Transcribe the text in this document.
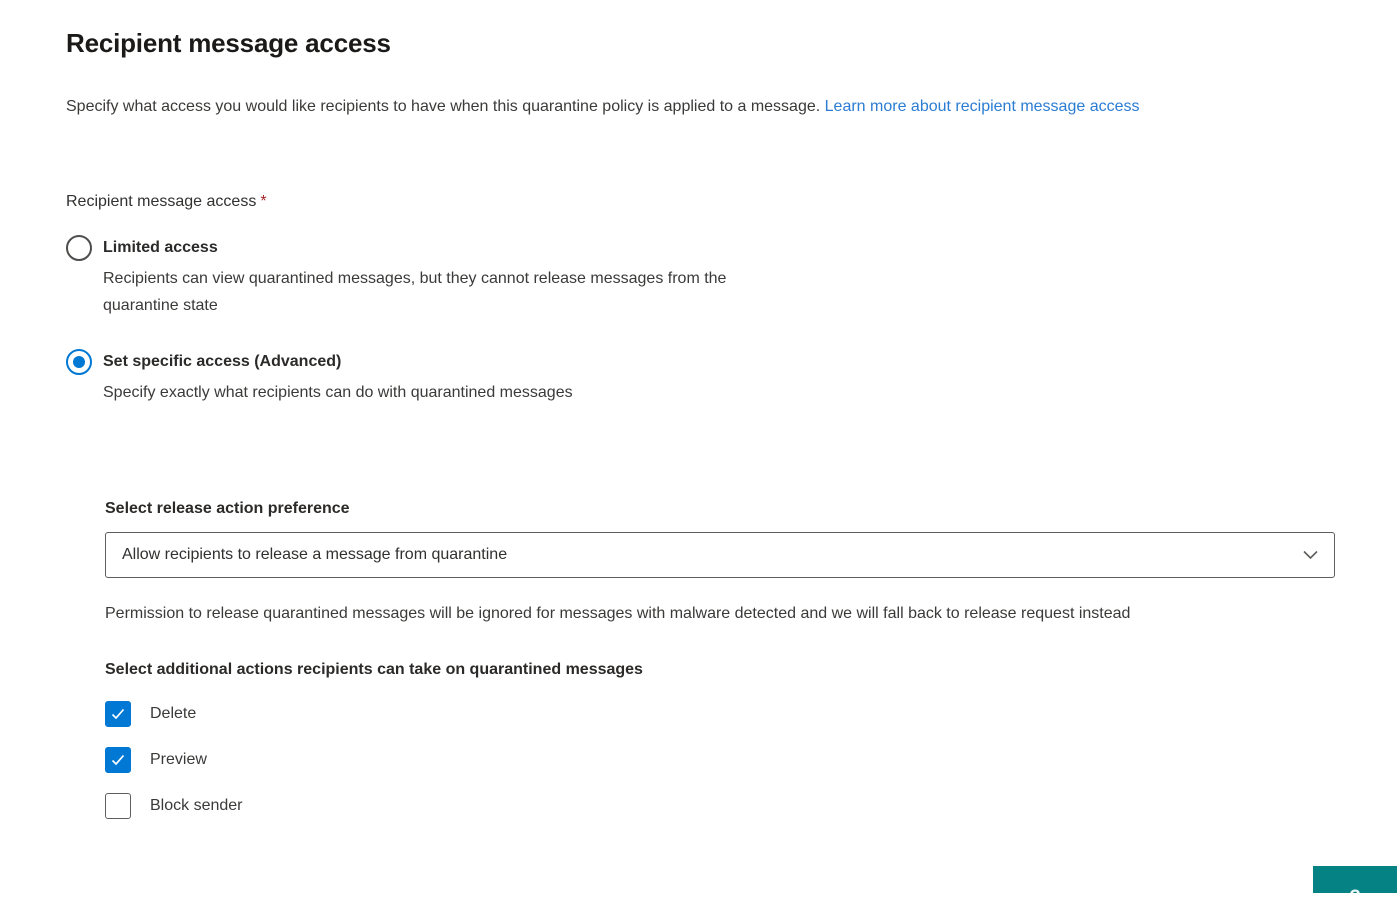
Recipient message access

Specify what access you would like recipients to have when this quarantine policy is applied to a message. Learn more about recipient message access

Recipient message access *
Limited access
Recipients can view quarantined messages, but they cannot release messages from the quarantine state
Set specific access (Advanced)
Specify exactly what recipients can do with quarantined messages
Select release action preference
Allow recipients to release a message from quarantine
Permission to release quarantined messages will be ignored for messages with malware detected and we will fall back to release request instead
Select additional actions recipients can take on quarantined messages
Delete
Preview
Block sender
?
